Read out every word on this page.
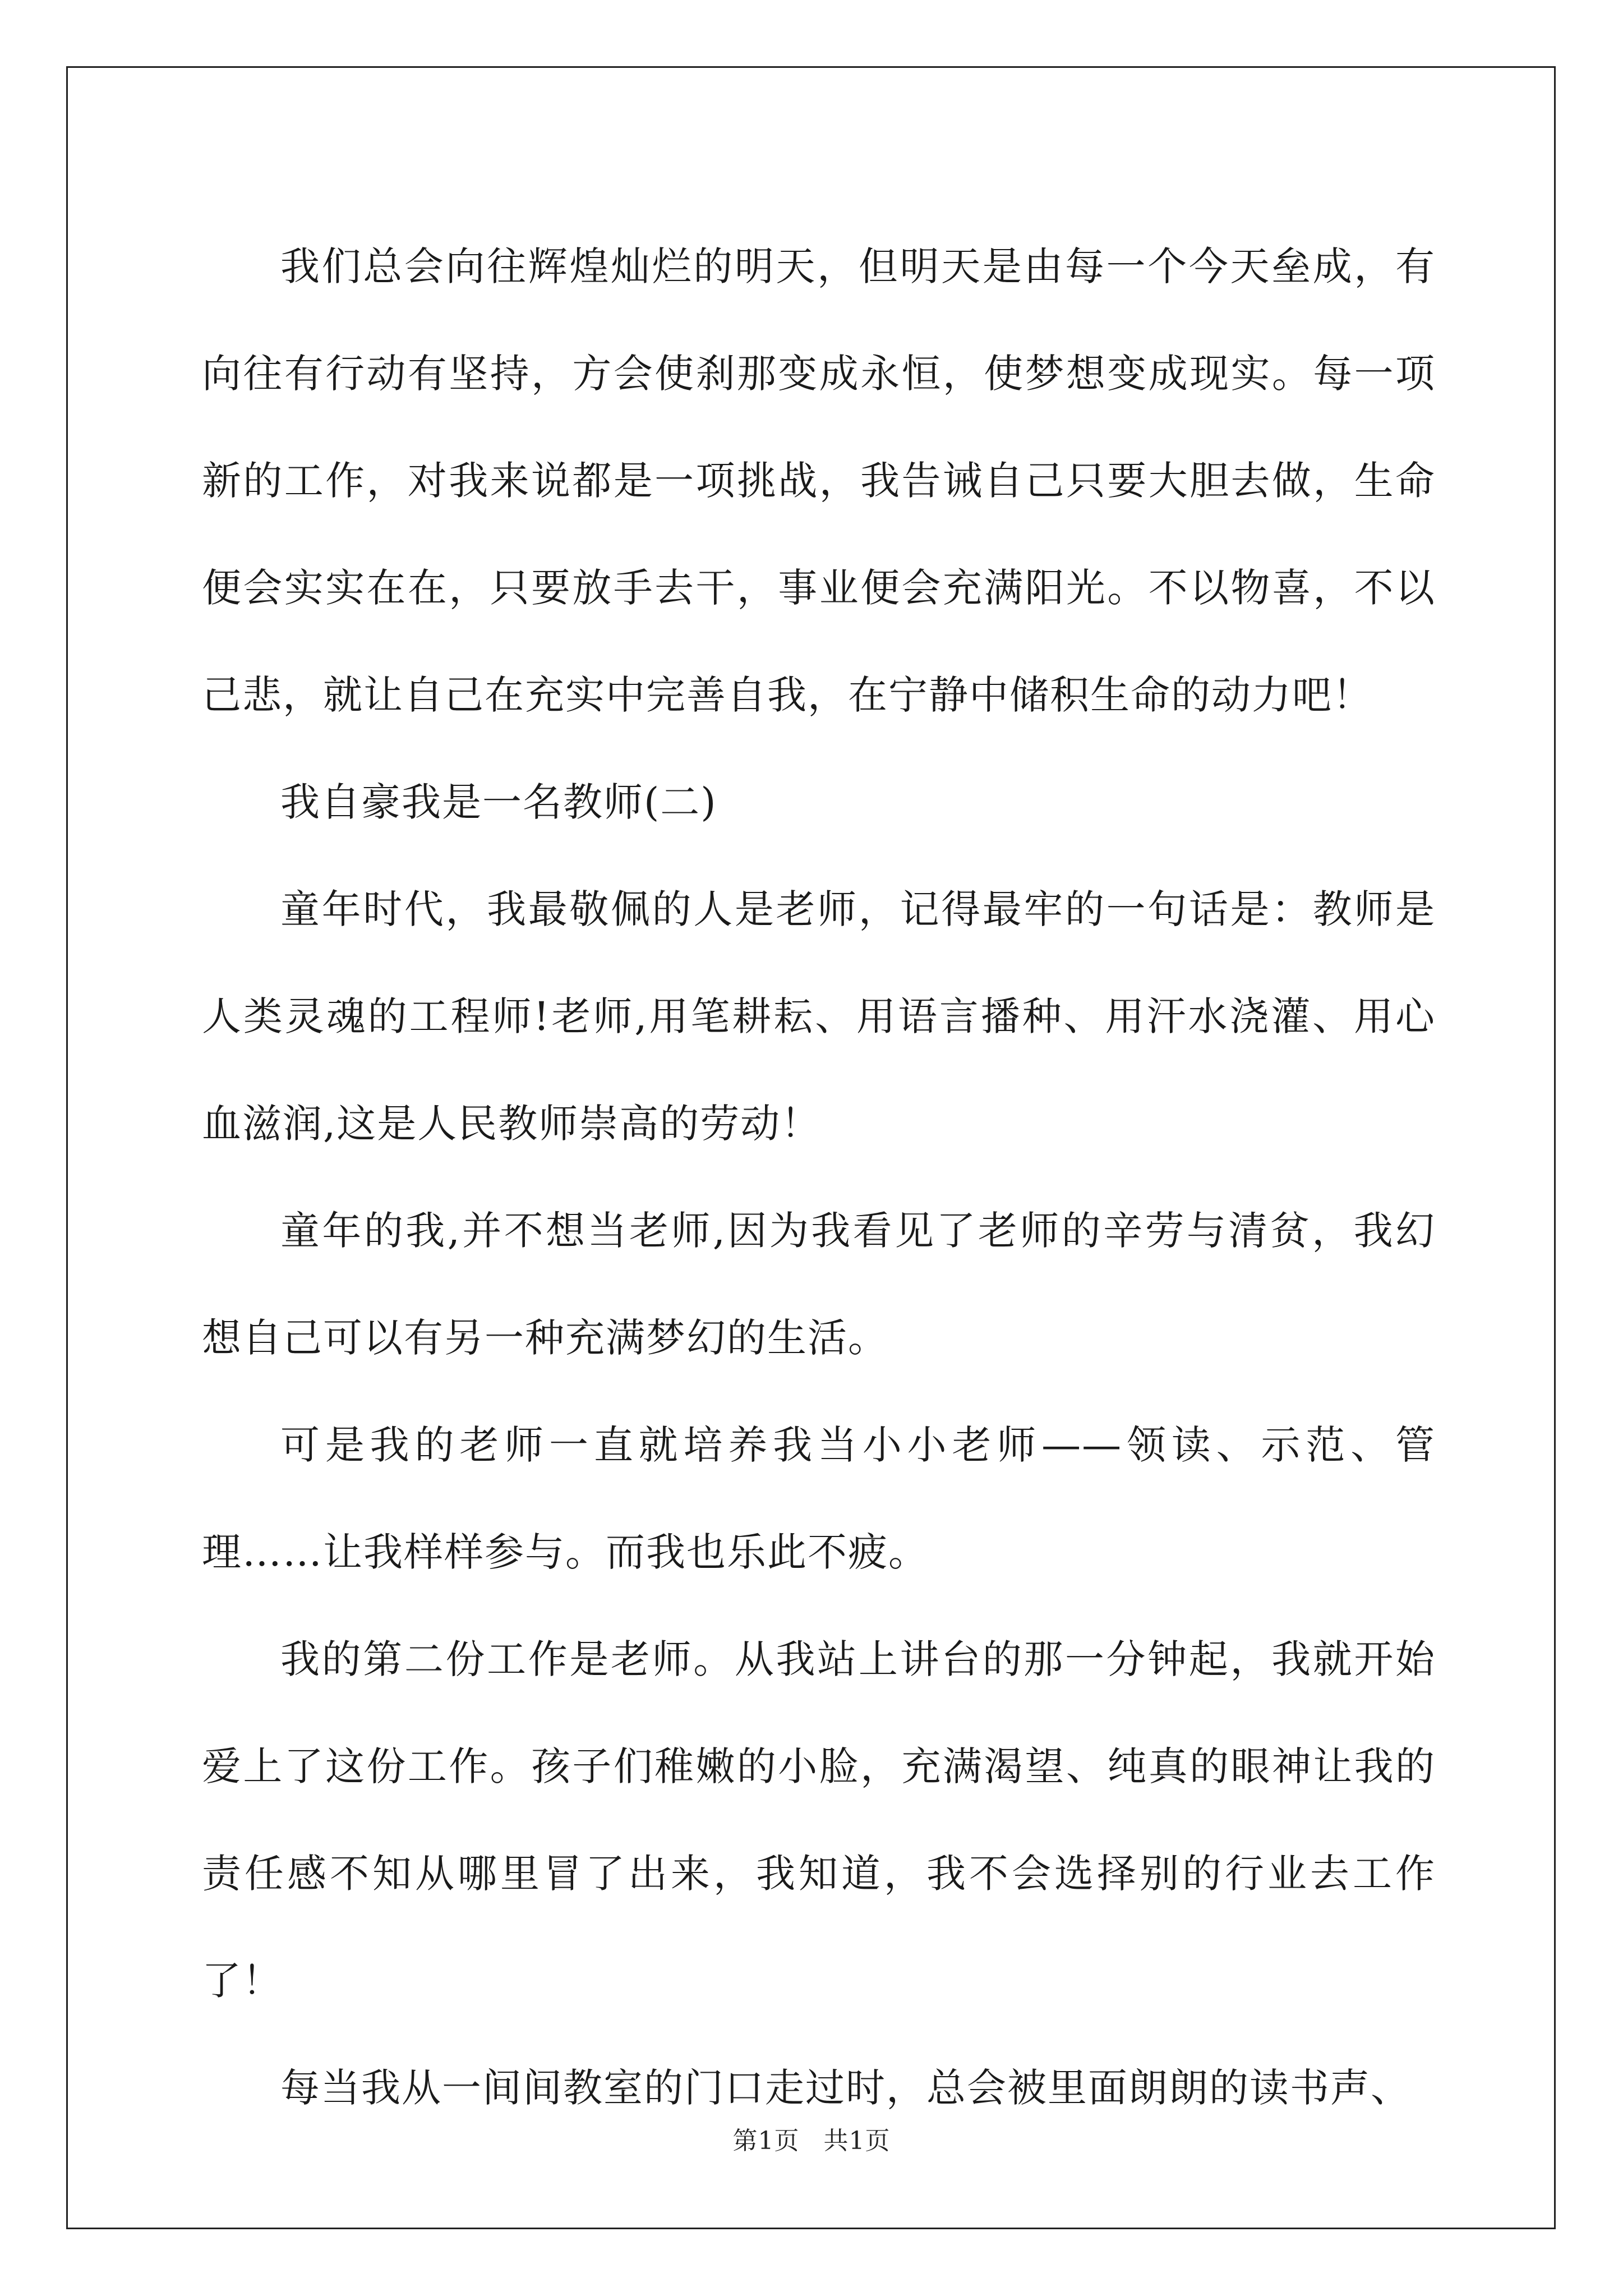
我们总会向往辉煌灿烂的明天，但明天是由每一个今天垒成，有向往有行动有坚持，方会使刹那变成永恒，使梦想变成现实。每一项新的工作，对我来说都是一项挑战，我告诫自己只要大胆去做，生命便会实实在在，只要放手去干，事业便会充满阳光。不以物喜，不以己悲，就让自己在充实中完善自我，在宁静中储积生命的动力吧！

我自豪我是一名教师(二)

童年时代，我最敬佩的人是老师，记得最牢的一句话是：教师是人类灵魂的工程师!老师,用笔耕耘、用语言播种、用汗水浇灌、用心血滋润,这是人民教师崇高的劳动！

童年的我,并不想当老师,因为我看见了老师的辛劳与清贫，我幻想自己可以有另一种充满梦幻的生活。

可是我的老师一直就培养我当小小老师——领读、示范、管理……让我样样参与。而我也乐此不疲。

我的第二份工作是老师。从我站上讲台的那一分钟起，我就开始爱上了这份工作。孩子们稚嫩的小脸，充满渴望、纯真的眼神让我的责任感不知从哪里冒了出来，我知道，我不会选择别的行业去工作了！

每当我从一间间教室的门口走过时，总会被里面朗朗的读书声、

第1页 共1页
